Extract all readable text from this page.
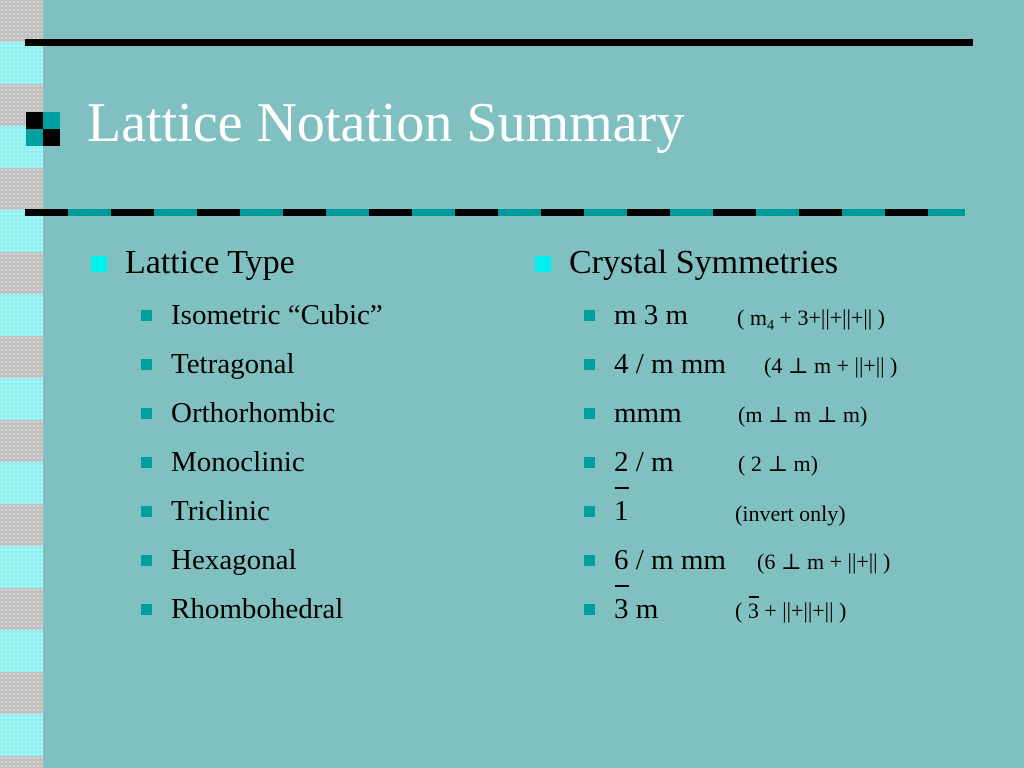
Lattice Notation Summary
Lattice Type
Isometric “Cubic”
Tetragonal
Orthorhombic
Monoclinic
Triclinic
Hexagonal
Rhombohedral
Crystal Symmetries
m 3 m ( $m_4 + 3+||+||+||$ )
4 / m mm (4 ⊥ m + ||+|| )
mmm	(m ⊥ m ⊥ m)
2 / m	( 2 ⊥ m)
1	(invert only)
6 / m mm (6 ⊥ m + ||+|| )
3 m	( 3 + ||+||+|| )
